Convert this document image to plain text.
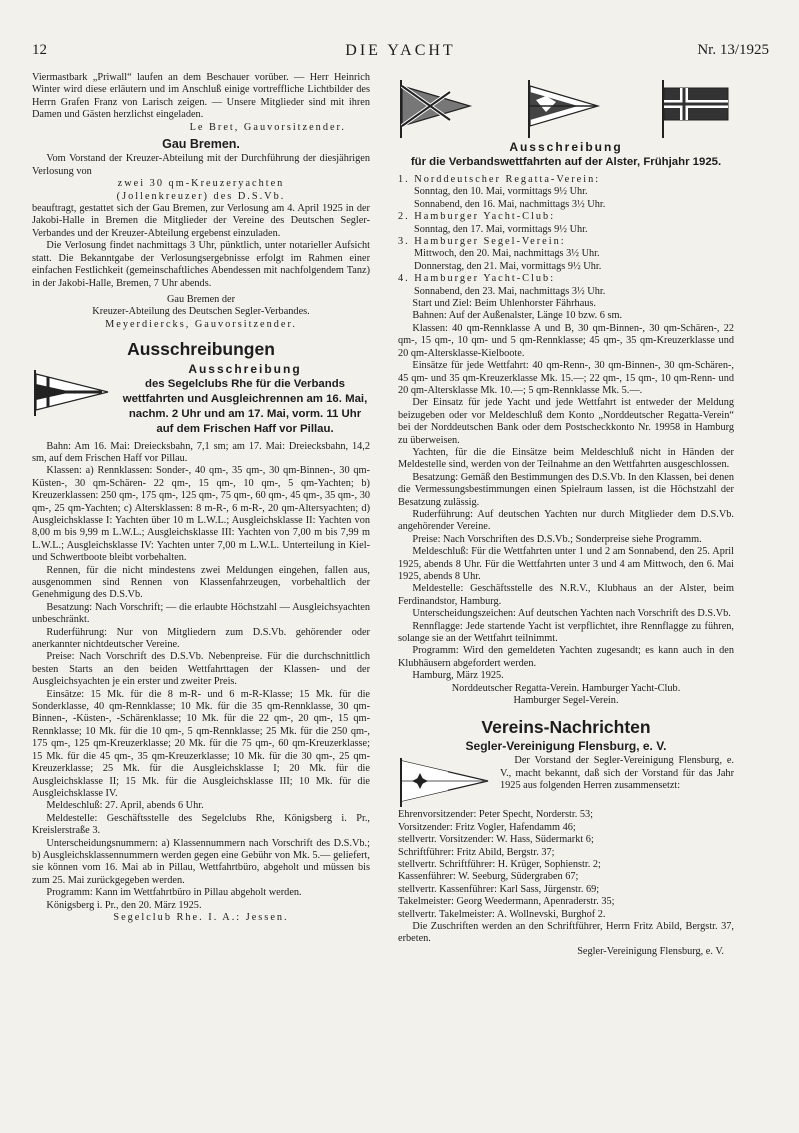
12	DIE YACHT	Nr. 13/1925

Viermastbark „Priwall“ laufen an dem Beschauer vorüber. — Herr Heinrich Winter wird diese erläutern und im Anschluß einige vortreffliche Lichtbilder des Herrn Grafen Franz von Larisch zeigen. — Unsere Mitglieder sind mit ihren Damen und Gästen herzlichst eingeladen.

Le Bret, Gauvorsitzender.

Gau Bremen.

Vom Vorstand der Kreuzer-Abteilung mit der Durchführung der diesjährigen Verlosung von

zwei 30 qm-Kreuzeryachten

(Jollenkreuzer) des D.S.Vb.

beauftragt, gestattet sich der Gau Bremen, zur Verlosung am 4. April 1925 in der Jakobi-Halle in Bremen die Mitglieder der Vereine des Deutschen Segler-Verbandes und der Kreuzer-Abteilung ergebenst einzuladen.

Die Verlosung findet nachmittags 3 Uhr, pünktlich, unter notarieller Aufsicht statt. Die Bekanntgabe der Verlosungsergebnisse erfolgt im Rahmen einer einfachen Festlichkeit (gemeinschaftliches Abendessen mit nachfolgendem Tanz) in der Jakobi-Halle, Bremen, 7 Uhr abends.

Gau Bremen der

Kreuzer-Abteilung des Deutschen Segler-Verbandes.

Meyerdiercks, Gauvorsitzender.

Ausschreibungen
Ausschreibung
des Segelclubs Rhe für die Verbands wettfahrten und Ausgleichrennen am 16. Mai, nachm. 2 Uhr und am 17. Mai, vorm. 11 Uhr auf dem Frischen Haff vor Pillau.

Bahn: Am 16. Mai: Dreiecksbahn, 7,1 sm; am 17. Mai: Dreiecksbahn, 14,2 sm, auf dem Frischen Haff vor Pillau.

Klassen: a) Rennklassen: Sonder-, 40 qm-, 35 qm-, 30 qm-Binnen-, 30 qm-Küsten-, 30 qm-Schären- 22 qm-, 15 qm-, 10 qm-, 5 qm-Yachten; b) Kreuzerklassen: 250 qm-, 175 qm-, 125 qm-, 75 qm-, 60 qm-, 45 qm-, 35 qm-, 30 qm-, 25 qm-Yachten; c) Altersklassen: 8 m-R-, 6 m-R-, 20 qm-Altersyachten; d) Ausgleichsklasse I: Yachten über 10 m L.W.L.; Ausgleichsklasse II: Yachten von 8,00 m bis 9,99 m L.W.L.; Ausgleichsklasse III: Yachten von 7,00 m bis 7,99 m L.W.L.; Ausgleichsklasse IV: Yachten unter 7,00 m L.W.L. Unterteilung in Kiel- und Schwertboote bleibt vorbehalten.

Rennen, für die nicht mindestens zwei Meldungen eingehen, fallen aus, ausgenommen sind Rennen von Klassenfahrzeugen, vorbehaltlich der Genehmigung des D.S.Vb.

Besatzung: Nach Vorschrift; — die erlaubte Höchstzahl — Ausgleichsyachten unbeschränkt.

Ruderführung: Nur von Mitgliedern zum D.S.Vb. gehörender oder anerkannter nichtdeutscher Vereine.

Preise: Nach Vorschrift des D.S.Vb. Nebenpreise. Für die durchschnittlich besten Starts an den beiden Wettfahrttagen der Klassen- und der Ausgleichsyachten je ein erster und zweiter Preis.

Einsätze: 15 Mk. für die 8 m-R- und 6 m-R-Klasse; 15 Mk. für die Sonderklasse, 40 qm-Rennklasse; 10 Mk. für die 35 qm-Rennklasse, 30 qm-Binnen-, -Küsten-, -Schärenklasse; 10 Mk. für die 22 qm-, 20 qm-, 15 qm-Rennklasse; 10 Mk. für die 10 qm-, 5 qm-Rennklasse; 25 Mk. für die 250 qm-, 175 qm-, 125 qm-Kreuzerklasse; 20 Mk. für die 75 qm-, 60 qm-Kreuzerklasse; 15 Mk. für die 45 qm-, 35 qm-Kreuzerklasse; 10 Mk. für die 30 qm-, 25 qm-Kreuzerklasse; 25 Mk. für die Ausgleichsklasse I; 20 Mk. für die Ausgleichsklasse II; 15 Mk. für die Ausgleichsklasse III; 10 Mk. für die Ausgleichsklasse IV.

Meldeschluß: 27. April, abends 6 Uhr.

Meldestelle: Geschäftsstelle des Segelclubs Rhe, Königsberg i. Pr., Kreislerstraße 3.

Unterscheidungsnummern: a) Klassennummern nach Vorschrift des D.S.Vb.; b) Ausgleichsklassennummern werden gegen eine Gebühr von Mk. 5.— geliefert, sie können vom 16. Mai ab in Pillau, Wettfahrtbüro, abgeholt und müssen bis zum 25. Mai zurückgegeben werden.

Programm: Kann im Wettfahrtbüro in Pillau abgeholt werden.

Königsberg i. Pr., den 20. März 1925.

Segelclub Rhe. I. A.: Jessen.

Ausschreibung
für die Verbandswettfahrten auf der Alster, Frühjahr 1925.

1. Norddeutscher Regatta-Verein:

Sonntag, den 10. Mai, vormittags 9½ Uhr.

Sonnabend, den 16. Mai, nachmittags 3½ Uhr.

2. Hamburger Yacht-Club:

Sonntag, den 17. Mai, vormittags 9½ Uhr.

3. Hamburger Segel-Verein:

Mittwoch, den 20. Mai, nachmittags 3½ Uhr.

Donnerstag, den 21. Mai, vormittags 9½ Uhr.

4. Hamburger Yacht-Club:

Sonnabend, den 23. Mai, nachmittags 3½ Uhr.

Start und Ziel: Beim Uhlenhorster Fährhaus.

Bahnen: Auf der Außenalster, Länge 10 bzw. 6 sm.

Klassen: 40 qm-Rennklasse A und B, 30 qm-Binnen-, 30 qm-Schären-, 22 qm-, 15 qm-, 10 qm- und 5 qm-Rennklasse; 45 qm-, 35 qm-Kreuzerklasse und 20 qm-Altersklasse-Kielboote.

Einsätze für jede Wettfahrt: 40 qm-Renn-, 30 qm-Binnen-, 30 qm-Schären-, 45 qm- und 35 qm-Kreuzerklasse Mk. 15.—; 22 qm-, 15 qm-, 10 qm-Renn- und 20 qm-Altersklasse Mk. 10.—; 5 qm-Rennklasse Mk. 5.—.

Der Einsatz für jede Yacht und jede Wettfahrt ist entweder der Meldung beizugeben oder vor Meldeschluß dem Konto „Norddeutscher Regatta-Verein“ bei der Norddeutschen Bank oder dem Postscheckkonto Nr. 19958 in Hamburg zu überweisen.

Yachten, für die die Einsätze beim Meldeschluß nicht in Händen der Meldestelle sind, werden von der Teilnahme an den Wettfahrten ausgeschlossen.

Besatzung: Gemäß den Bestimmungen des D.S.Vb. In den Klassen, bei denen die Vermessungsbestimmungen einen Spielraum lassen, ist die Höchstzahl der Besatzung zulässig.

Ruderführung: Auf deutschen Yachten nur durch Mitglieder dem D.S.Vb. angehörender Vereine.

Preise: Nach Vorschriften des D.S.Vb.; Sonderpreise siehe Programm.

Meldeschluß: Für die Wettfahrten unter 1 und 2 am Sonnabend, den 25. April 1925, abends 8 Uhr. Für die Wettfahrten unter 3 und 4 am Mittwoch, den 6. Mai 1925, abends 8 Uhr.

Meldestelle: Geschäftsstelle des N.R.V., Klubhaus an der Alster, beim Ferdinandstor, Hamburg.

Unterscheidungszeichen: Auf deutschen Yachten nach Vorschrift des D.S.Vb.

Rennflagge: Jede startende Yacht ist verpflichtet, ihre Rennflagge zu führen, solange sie an der Wettfahrt teilnimmt.

Programm: Wird den gemeldeten Yachten zugesandt; es kann auch in den Klubhäusern abgefordert werden.

Hamburg, März 1925.

Norddeutscher Regatta-Verein. Hamburger Yacht-Club.

Hamburger Segel-Verein.

Vereins-Nachrichten
Segler-Vereinigung Flensburg, e. V.

Der Vorstand der Segler-Vereinigung Flensburg, e. V., macht bekannt, daß sich der Vorstand für das Jahr 1925 aus folgenden Herren zusammensetzt:

Ehrenvorsitzender: Peter Specht, Norderstr. 53;

Vorsitzender: Fritz Vogler, Hafendamm 46;

stellvertr. Vorsitzender: W. Hass, Südermarkt 6;

Schriftführer: Fritz Abild, Bergstr. 37;

stellvertr. Schriftführer: H. Krüger, Sophienstr. 2;

Kassenführer: W. Seeburg, Südergraben 67;

stellvertr. Kassenführer: Karl Sass, Jürgenstr. 69;

Takelmeister: Georg Weedermann, Apenraderstr. 35;

stellvertr. Takelmeister: A. Wollnevski, Burghof 2.

Die Zuschriften werden an den Schriftführer, Herrn Fritz Abild, Bergstr. 37, erbeten.

Segler-Vereinigung Flensburg, e. V.
